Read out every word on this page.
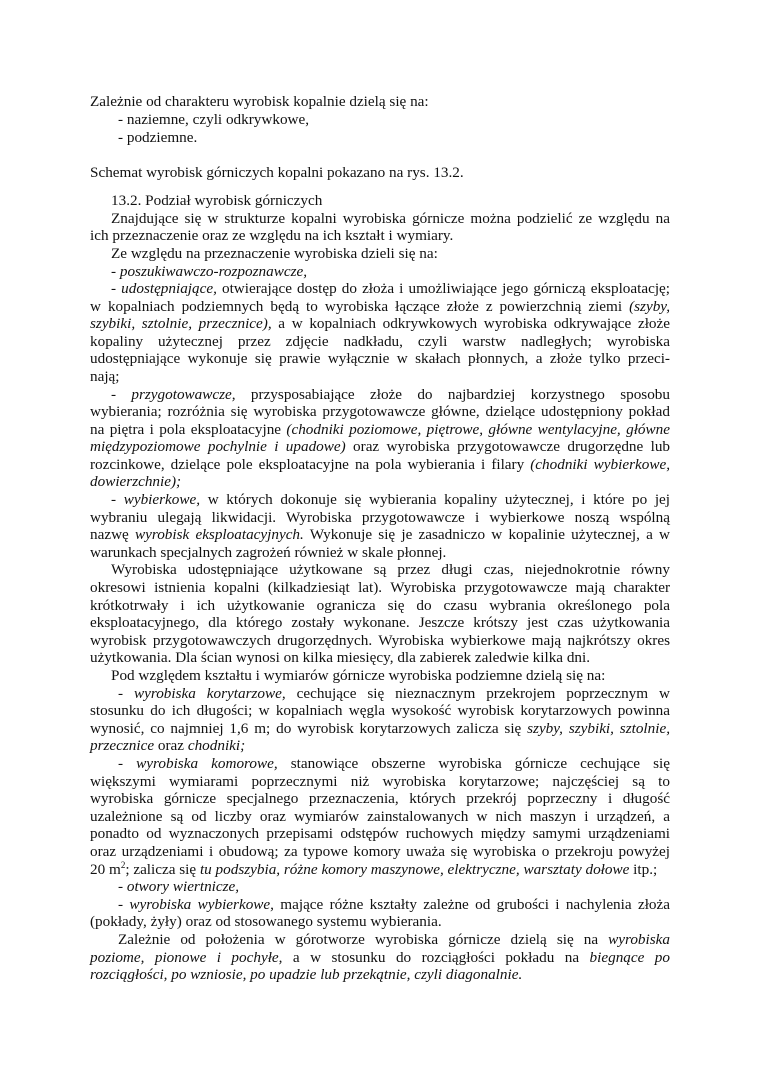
Zależnie od charakteru wyrobisk kopalnie dzielą się na:
- naziemne, czyli odkrywkowe,
- podziemne.
Schemat wyrobisk górniczych kopalni pokazano na rys. 13.2.
13.2. Podział wyrobisk górniczych
Znajdujące się w strukturze kopalni wyrobiska górnicze można podzielić ze względu na
ich przeznaczenie oraz ze względu na ich kształt i wymiary.
Ze względu na przeznaczenie wyrobiska dzieli się na:
- poszukiwawczo-rozpoznawcze,
- udostępniające, otwierające dostęp do złoża i umożliwiające jego górniczą eksploatację;
w kopalniach podziemnych będą to wyrobiska łączące złoże z powierzchnią ziemi (szyby,
szybiki, sztolnie, przecznice), a w kopalniach odkrywkowych wyrobiska odkrywające złoże
kopaliny użytecznej przez zdjęcie nadkładu, czyli warstw nadległych; wyrobiska
udostępniające wykonuje się prawie wyłącznie w skałach płonnych, a złoże tylko przeci-
nają;
- przygotowawcze, przysposabiające złoże do najbardziej korzystnego sposobu
wybierania; rozróżnia się wyrobiska przygotowawcze główne, dzielące udostępniony pokład
na piętra i pola eksploatacyjne (chodniki poziomowe, piętrowe, główne wentylacyjne, główne
międzypoziomowe pochylnie i upadowe) oraz wyrobiska przygotowawcze drugorzędne lub
rozcinkowe, dzielące pole eksploatacyjne na pola wybierania i filary (chodniki wybierkowe,
dowierzchnie);
- wybierkowe, w których dokonuje się wybierania kopaliny użytecznej, i które po jej
wybraniu ulegają likwidacji. Wyrobiska przygotowawcze i wybierkowe noszą wspólną
nazwę wyrobisk eksploatacyjnych. Wykonuje się je zasadniczo w kopalinie użytecznej, a w
warunkach specjalnych zagrożeń również w skale płonnej.
Wyrobiska udostępniające użytkowane są przez długi czas, niejednokrotnie równy
okresowi istnienia kopalni (kilkadziesiąt lat). Wyrobiska przygotowawcze mają charakter
krótkotrwały i ich użytkowanie ogranicza się do czasu wybrania określonego pola
eksploatacyjnego, dla którego zostały wykonane. Jeszcze krótszy jest czas użytkowania
wyrobisk przygotowawczych drugorzędnych. Wyrobiska wybierkowe mają najkrótszy okres
użytkowania. Dla ścian wynosi on kilka miesięcy, dla zabierek zaledwie kilka dni.
Pod względem kształtu i wymiarów górnicze wyrobiska podziemne dzielą się na:
- wyrobiska korytarzowe, cechujące się nieznacznym przekrojem poprzecznym w
stosunku do ich długości; w kopalniach węgla wysokość wyrobisk korytarzowych powinna
wynosić, co najmniej 1,6 m; do wyrobisk korytarzowych zalicza się szyby, szybiki, sztolnie,
przecznice oraz chodniki;
- wyrobiska komorowe, stanowiące obszerne wyrobiska górnicze cechujące się
większymi wymiarami poprzecznymi niż wyrobiska korytarzowe; najczęściej są to
wyrobiska górnicze specjalnego przeznaczenia, których przekrój poprzeczny i długość
uzależnione są od liczby oraz wymiarów zainstalowanych w nich maszyn i urządzeń, a
ponadto od wyznaczonych przepisami odstępów ruchowych między samymi urządzeniami
oraz urządzeniami i obudową; za typowe komory uważa się wyrobiska o przekroju powyżej
20 $m^2$; zalicza się tu podszybia, różne komory maszynowe, elektryczne, warsztaty dołowe itp.;
- otwory wiertnicze,
- wyrobiska wybierkowe, mające różne kształty zależne od grubości i nachylenia złoża
(pokłady, żyły) oraz od stosowanego systemu wybierania.
Zależnie od położenia w górotworze wyrobiska górnicze dzielą się na wyrobiska
poziome, pionowe i pochyłe, a w stosunku do rozciągłości pokładu na biegnące po
rozciągłości, po wzniosie, po upadzie lub przekątnie, czyli diagonalnie.
